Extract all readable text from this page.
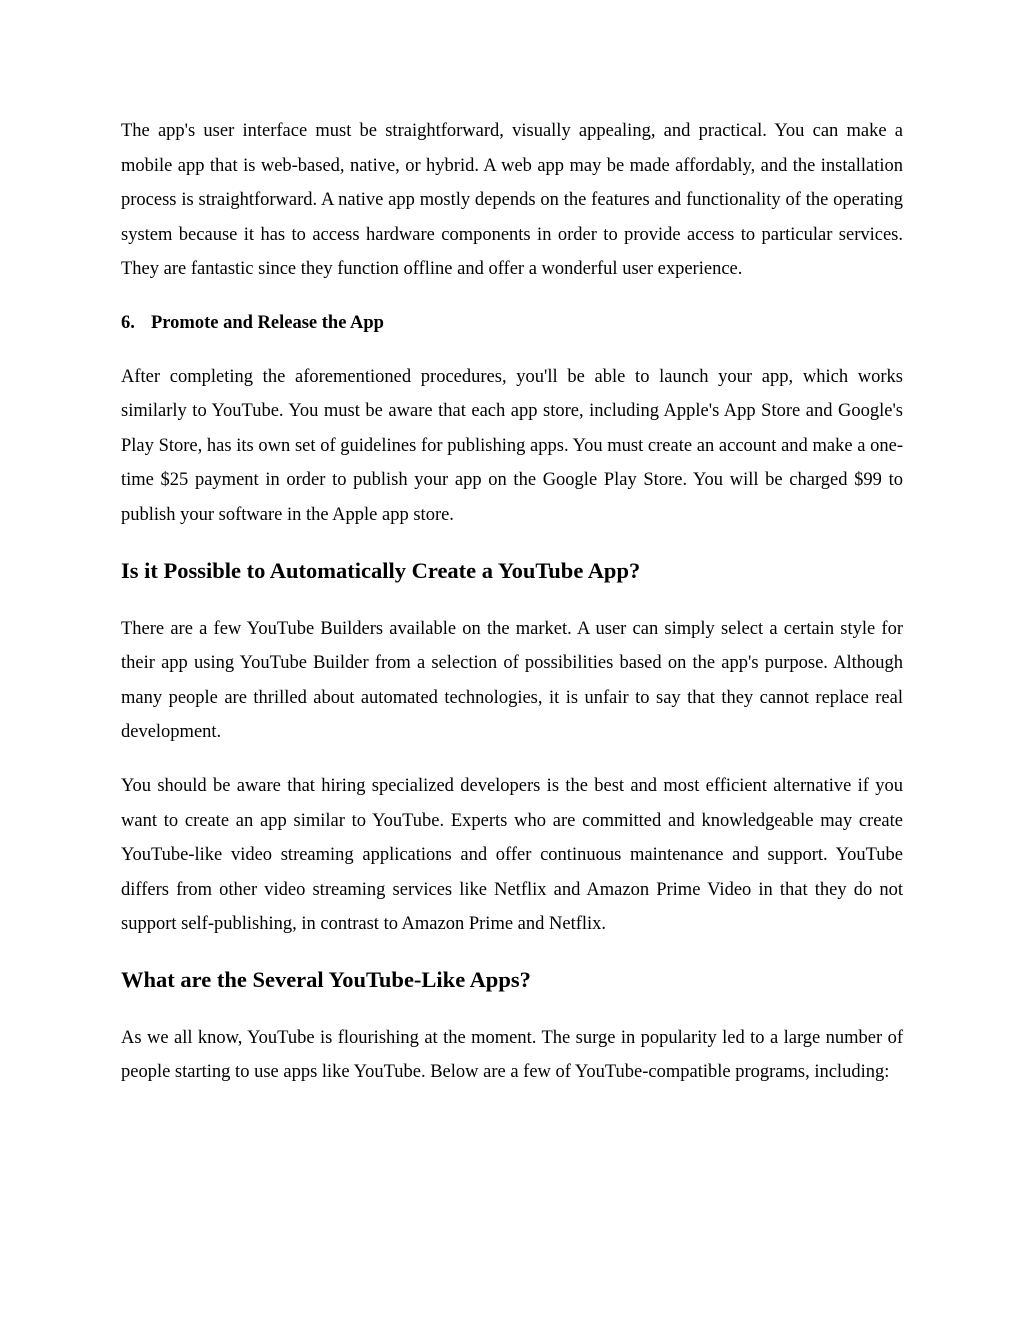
The app's user interface must be straightforward, visually appealing, and practical. You can make a mobile app that is web-based, native, or hybrid. A web app may be made affordably, and the installation process is straightforward. A native app mostly depends on the features and functionality of the operating system because it has to access hardware components in order to provide access to particular services. They are fantastic since they function offline and offer a wonderful user experience.

6. Promote and Release the App

After completing the aforementioned procedures, you'll be able to launch your app, which works similarly to YouTube. You must be aware that each app store, including Apple's App Store and Google's Play Store, has its own set of guidelines for publishing apps. You must create an account and make a one-time $25 payment in order to publish your app on the Google Play Store. You will be charged $99 to publish your software in the Apple app store.

Is it Possible to Automatically Create a YouTube App?

There are a few YouTube Builders available on the market. A user can simply select a certain style for their app using YouTube Builder from a selection of possibilities based on the app's purpose. Although many people are thrilled about automated technologies, it is unfair to say that they cannot replace real development.

You should be aware that hiring specialized developers is the best and most efficient alternative if you want to create an app similar to YouTube. Experts who are committed and knowledgeable may create YouTube-like video streaming applications and offer continuous maintenance and support. YouTube differs from other video streaming services like Netflix and Amazon Prime Video in that they do not support self-publishing, in contrast to Amazon Prime and Netflix.

What are the Several YouTube-Like Apps?

As we all know, YouTube is flourishing at the moment. The surge in popularity led to a large number of people starting to use apps like YouTube. Below are a few of YouTube-compatible programs, including:
